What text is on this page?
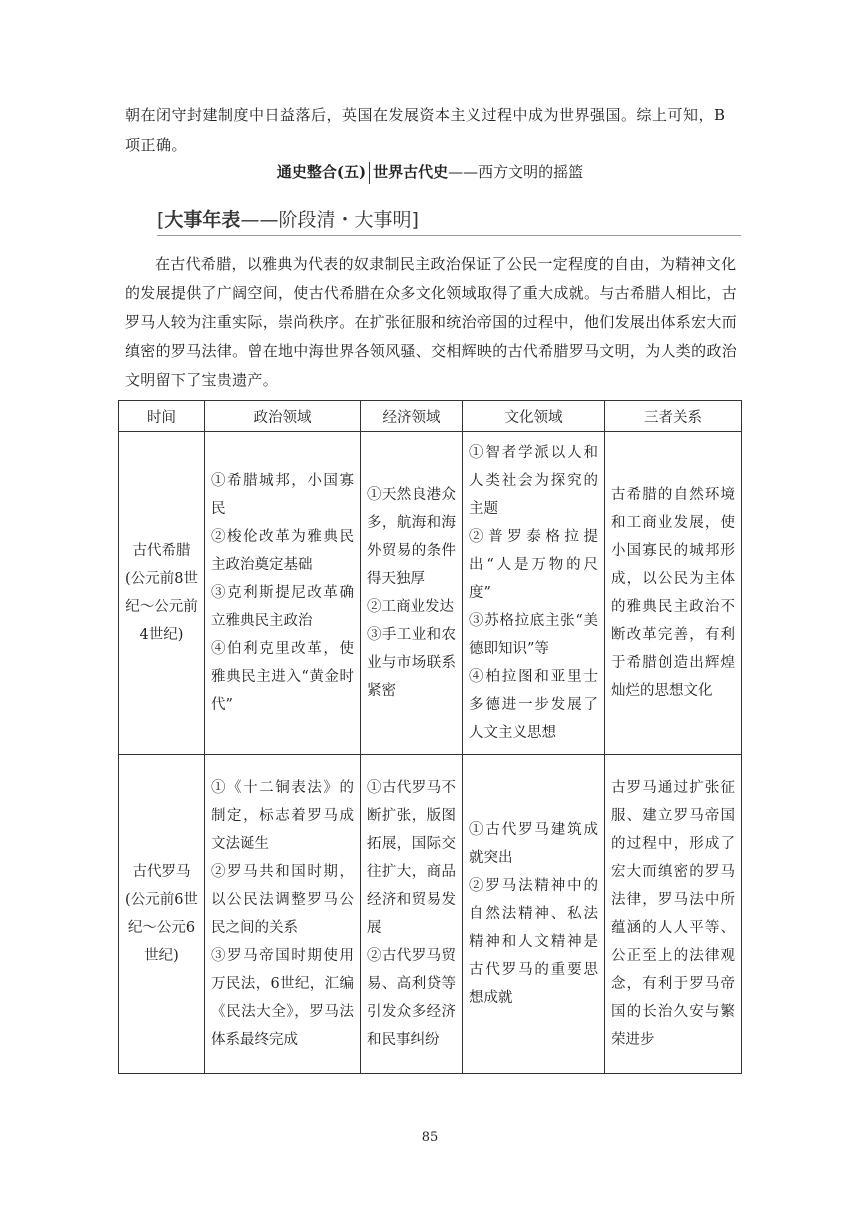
朝在闭守封建制度中日益落后，英国在发展资本主义过程中成为世界强国。综上可知，B 项正确。
通史整合(五) 世界古代史——西方文明的摇篮
[大事年表——阶段清・大事明]
在古代希腊，以雅典为代表的奴隶制民主政治保证了公民一定程度的自由，为精神文化的发展提供了广阔空间，使古代希腊在众多文化领域取得了重大成就。与古希腊人相比，古罗马人较为注重实际，崇尚秩序。在扩张征服和统治帝国的过程中，他们发展出体系宏大而缜密的罗马法律。曾在地中海世界各领风骚、交相辉映的古代希腊罗马文明，为人类的政治文明留下了宝贵遗产。
时间	政治领域	经济领域	文化领域	三者关系
古代希腊(公元前8世纪～公元前4世纪)	①希腊城邦，小国寡民
②梭伦改革为雅典民主政治奠定基础
③克利斯提尼改革确立雅典民主政治
④伯利克里改革，使雅典民主进入“黄金时代”	①天然良港众多，航海和海外贸易的条件得天独厚
②工商业发达
③手工业和农业与市场联系紧密	①智者学派以人和人类社会为探究的主题
②普罗泰格拉提出“人是万物的尺度”
③苏格拉底主张“美德即知识”等
④柏拉图和亚里士多德进一步发展了人文主义思想	古希腊的自然环境和工商业发展，使小国寡民的城邦形成，以公民为主体的雅典民主政治不断改革完善，有利于希腊创造出辉煌灿烂的思想文化
古代罗马(公元前6世纪～公元6世纪)	①《十二铜表法》的制定，标志着罗马成文法诞生
②罗马共和国时期，以公民法调整罗马公民之间的关系
③罗马帝国时期使用万民法，6世纪，汇编《民法大全》，罗马法体系最终完成	①古代罗马不断扩张，版图拓展，国际交往扩大，商品经济和贸易发展
②古代罗马贸易、高利贷等引发众多经济和民事纠纷	①古代罗马建筑成就突出
②罗马法精神中的自然法精神、私法精神和人文精神是古代罗马的重要思想成就	古罗马通过扩张征服、建立罗马帝国的过程中，形成了宏大而缜密的罗马法律，罗马法中所蕴涵的人人平等、公正至上的法律观念，有利于罗马帝国的长治久安与繁荣进步
85
